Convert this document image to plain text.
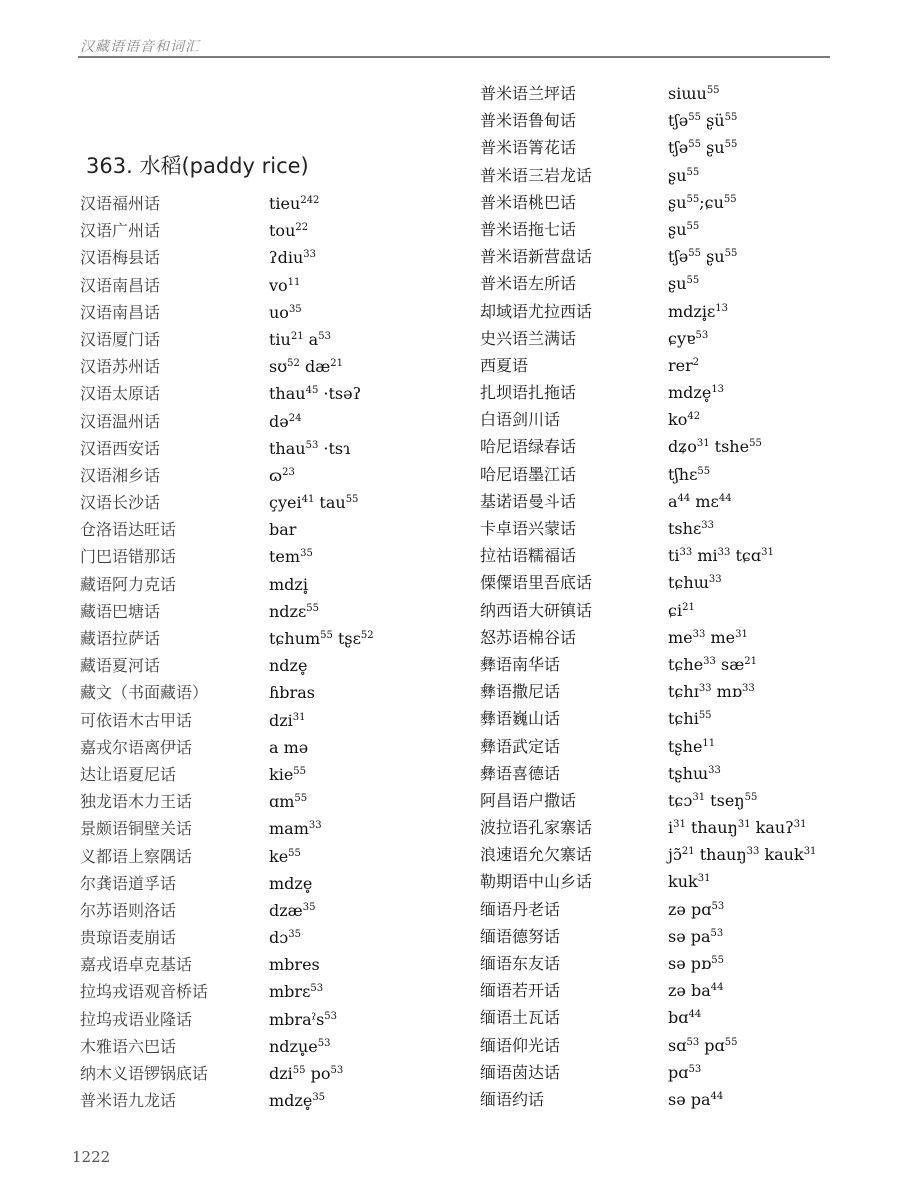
汉藏语语音和词汇
363. 水稻(paddy rice)
汉语福州话	tieu$^{242}$
汉语广州话	tou$^{22}$
汉语梅县话	ʔdiu$^{33}$
汉语南昌话	$vo^{11}$
汉语南昌话	$uo^{35}$
汉语厦门话	tiu$^{21}$ $a^{53}$
汉语苏州话	sʊ$^{52}$ $dæ^{21}$
汉语太原话	thau$^{45}$ ·tsəʔ
汉语温州话	də$^{24}$
汉语西安话	thau$^{53}$ ·tsɿ
汉语湘乡话	ɷ$^{23}$
汉语长沙话	çyei$^{41}$ tau$^{55}$
仓洛语达旺话	bar
门巴语错那话	tem$^{35}$
藏语阿力克话	mdzi̥
藏语巴塘话	ndzɛ$^{55}$
藏语拉萨话	tɕhum$^{55}$ tʂɛ$^{52}$
藏语夏河话	ndze̥
藏文（书面藏语）	ɦbras
可依语木古甲话	dzi$^{31}$
嘉戎尔语离伊话	a mə
达让语夏尼话	kie$^{55}$
独龙语木力王话	ɑm$^{55}$
景颇语铜壁关话	mam$^{33}$
义都语上察隅话	$ke^{55}$
尔龚语道孚话	mdze̥
尔苏语则洛话	dzæ$^{35}$
贵琼语麦崩话	dɔ$^{35}$
嘉戎语卓克基话	mbres
拉坞戎语观音桥话	mbrɛ$^{53}$
拉坞戎语业隆话	mbraˀs$^{53}$
木雅语六巴话	$ndzu̥e^{53}$
纳木义语锣锅底话	dzi$^{55}$ $po^{53}$
普米语九龙话	mdze̥$^{35}$
普米语兰坪话	siɯu$^{55}$
普米语鲁甸话	tʃə$^{55}$ ʂü$^{55}$
普米语箐花话	tʃə$^{55}$ ʂu$^{55}$
普米语三岩龙话	ʂu$^{55}$
普米语桃巴话	ʂu$^{55}$;ɕu$^{55}$
普米语拖七话	ʂu$^{55}$
普米语新营盘话	tʃə$^{55}$ ʂu$^{55}$
普米语左所话	ʂu$^{55}$
却域语尤拉西话	mdzi̥ɛ$^{13}$
史兴语兰满话	ɕyɐ$^{53}$
西夏语	rer$^2$
扎坝语扎拖话	mdze̥$^{13}$
白语剑川话	$ko^{42}$
哈尼语绿春话	dʑo$^{31}$ tshe$^{55}$
哈尼语墨江话	tʃhɛ$^{55}$
基诺语曼斗话	$a^{44}$ mɛ$^{44}$
卡卓语兴蒙话	tshɛ$^{33}$
拉祜语糯福话	$ti^{33}$ $mi^{33}$ tɕɑ$^{31}$
傈僳语里吾底话	tɕhɯ$^{33}$
纳西语大研镇话	ɕi$^{21}$
怒苏语棉谷话	$me^{33}$ $me^{31}$
彝语南华话	tɕhe$^{33}$ $sæ^{21}$
彝语撒尼话	tɕhɪ$^{33}$ mɒ$^{33}$
彝语巍山话	tɕhi$^{55}$
彝语武定话	tʂhe$^{11}$
彝语喜德话	tʂhɯ$^{33}$
阿昌语户撒话	tɕɔ$^{31}$ tseŋ$^{55}$
波拉语孔家寨话	$i^{31}$ thauŋ$^{31}$ kauʔ$^{31}$
浪速语允欠寨话	jɔ̃$^{21}$ thauŋ$^{33}$ kauk$^{31}$
勒期语中山乡话	kuk$^{31}$
缅语丹老话	zə pɑ$^{53}$
缅语德努话	sə $pa^{53}$
缅语东友话	sə pɒ$^{55}$
缅语若开话	zə $ba^{44}$
缅语土瓦话	bɑ$^{44}$
缅语仰光话	sɑ$^{53}$ pɑ$^{55}$
缅语茵达话	pɑ$^{53}$
缅语约话	sə $pa^{44}$
1222
